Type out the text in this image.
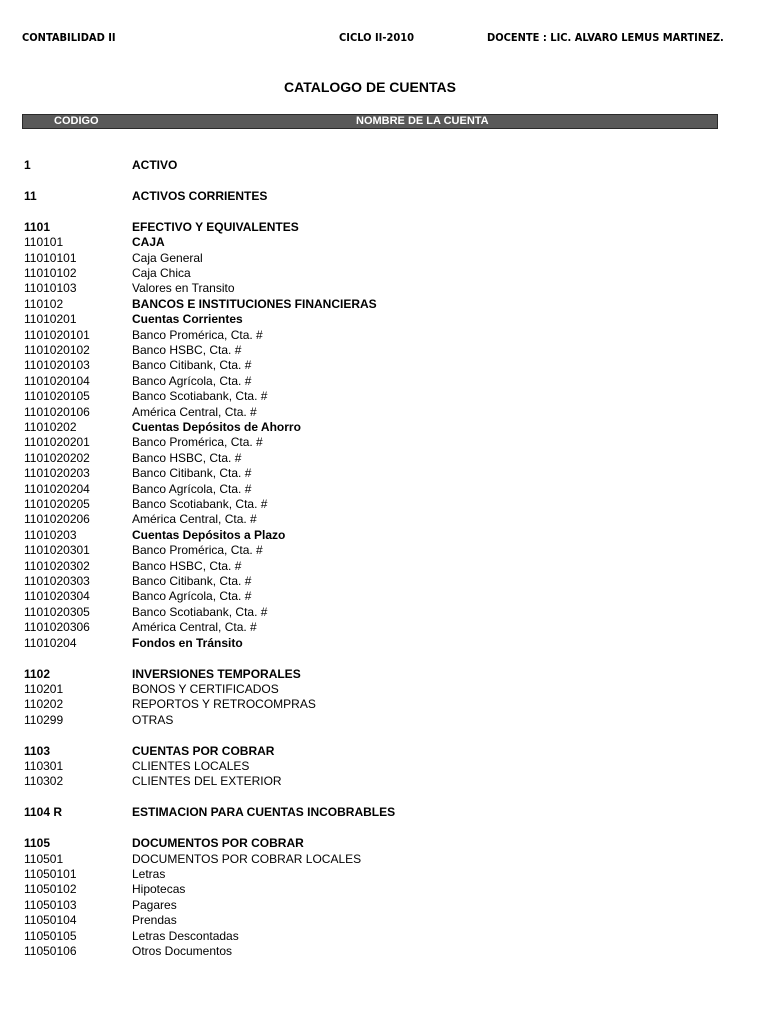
CONTABILIDAD II	CICLO II-2010	DOCENTE : LIC. ALVARO LEMUS MARTINEZ.
CATALOGO DE CUENTAS
CODIGO	NOMBRE DE LA CUENTA
1	ACTIVO
11	ACTIVOS CORRIENTES
1101	EFECTIVO Y EQUIVALENTES
110101	CAJA
11010101	Caja General
11010102	Caja Chica
11010103	Valores en Transito
110102	BANCOS E INSTITUCIONES FINANCIERAS
11010201	Cuentas Corrientes
1101020101	Banco Promérica, Cta. #
1101020102	Banco HSBC, Cta. #
1101020103	Banco Citibank, Cta. #
1101020104	Banco Agrícola, Cta. #
1101020105	Banco Scotiabank, Cta. #
1101020106	América Central, Cta. #
11010202	Cuentas Depósitos de Ahorro
1101020201	Banco Promérica, Cta. #
1101020202	Banco HSBC, Cta. #
1101020203	Banco Citibank, Cta. #
1101020204	Banco Agrícola, Cta. #
1101020205	Banco Scotiabank, Cta. #
1101020206	América Central, Cta. #
11010203	Cuentas Depósitos a Plazo
1101020301	Banco Promérica, Cta. #
1101020302	Banco HSBC, Cta. #
1101020303	Banco Citibank, Cta. #
1101020304	Banco Agrícola, Cta. #
1101020305	Banco Scotiabank, Cta. #
1101020306	América Central, Cta. #
11010204	Fondos en Tránsito
1102	INVERSIONES TEMPORALES
110201	BONOS Y CERTIFICADOS
110202	REPORTOS Y RETROCOMPRAS
110299	OTRAS
1103	CUENTAS POR COBRAR
110301	CLIENTES LOCALES
110302	CLIENTES DEL EXTERIOR
1104 R	ESTIMACION PARA CUENTAS INCOBRABLES
1105	DOCUMENTOS POR COBRAR
110501	DOCUMENTOS POR COBRAR LOCALES
11050101	Letras
11050102	Hipotecas
11050103	Pagares
11050104	Prendas
11050105	Letras Descontadas
11050106	Otros Documentos
